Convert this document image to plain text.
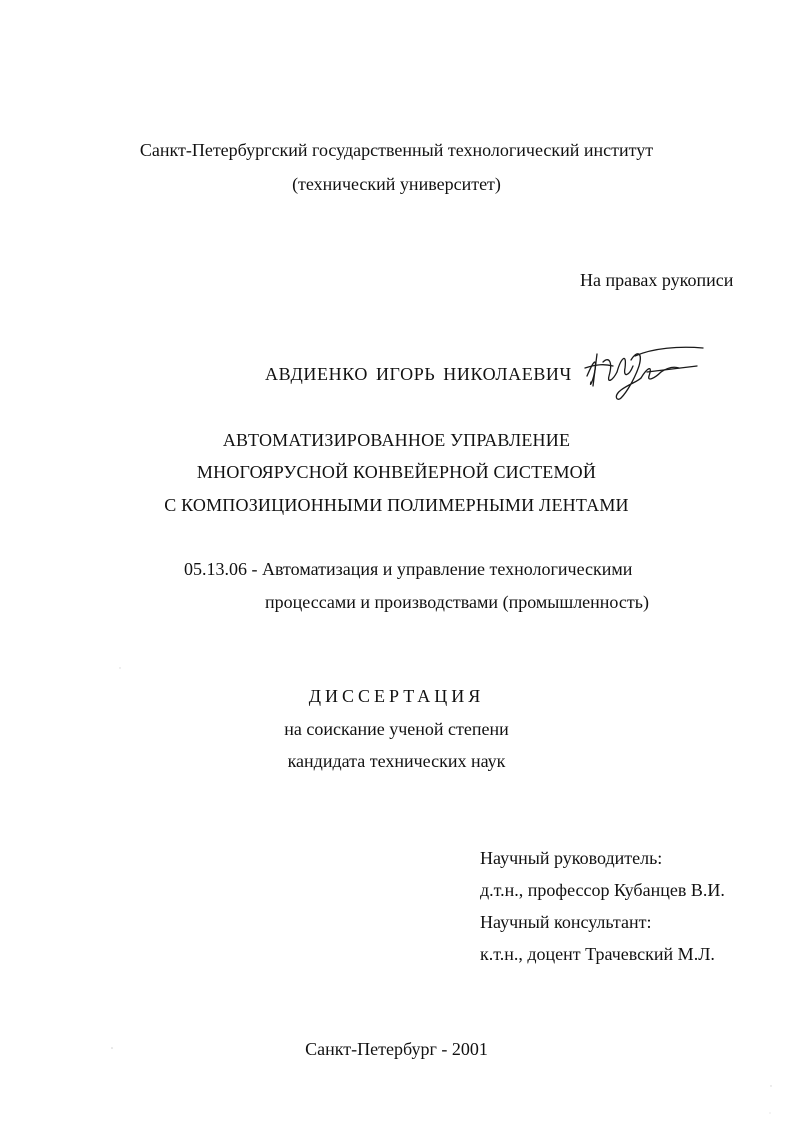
Санкт-Петербургский государственный технологический институт
(технический университет)
На правах рукописи
АВДИЕНКО ИГОРЬ НИКОЛАЕВИЧ
АВТОМАТИЗИРОВАННОЕ УПРАВЛЕНИЕ
МНОГОЯРУСНОЙ КОНВЕЙЕРНОЙ СИСТЕМОЙ
С КОМПОЗИЦИОННЫМИ ПОЛИМЕРНЫМИ ЛЕНТАМИ
05.13.06 - Автоматизация и управление технологическими
процессами и производствами (промышленность)
ДИССЕРТАЦИЯ
на соискание ученой степени
кандидата технических наук
Научный руководитель:
д.т.н., профессор Кубанцев В.И.
Научный консультант:
к.т.н., доцент Трачевский М.Л.
Санкт-Петербург - 2001
